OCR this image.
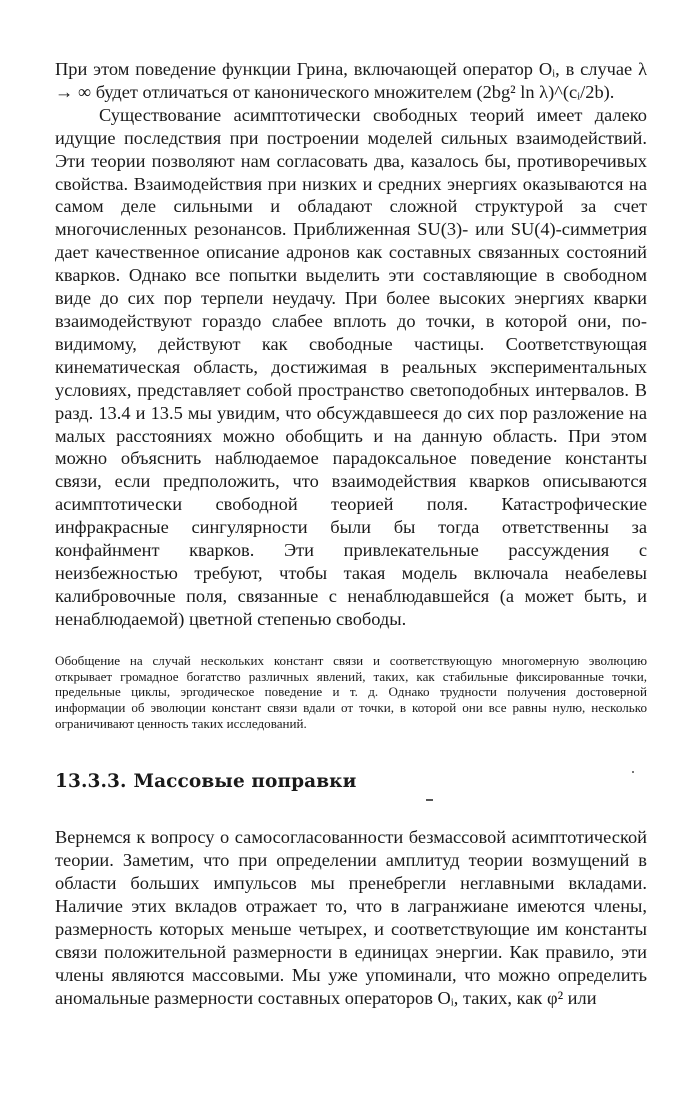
При этом поведение функции Грина, включающей оператор Oᵢ, в случае λ → ∞ будет отличаться от канонического множителем (2bg² ln λ)^(cᵢ/2b).

Существование асимптотически свободных теорий имеет далеко идущие последствия при построении моделей сильных взаимодействий. Эти теории позволяют нам согласовать два, казалось бы, противоречивых свойства. Взаимодействия при низких и средних энергиях оказываются на самом деле сильными и обладают сложной структурой за счет многочисленных резонансов. Приближенная SU(3)- или SU(4)-симметрия дает качественное описание адронов как составных связанных состояний кварков. Однако все попытки выделить эти составляющие в свободном виде до сих пор терпели неудачу. При более высоких энергиях кварки взаимодействуют гораздо слабее вплоть до точки, в которой они, по-видимому, действуют как свободные частицы. Соответствующая кинематическая область, достижимая в реальных экспериментальных условиях, представляет собой пространство светоподобных интервалов. В разд. 13.4 и 13.5 мы увидим, что обсуждавшееся до сих пор разложение на малых расстояниях можно обобщить и на данную область. При этом можно объяснить наблюдаемое парадоксальное поведение константы связи, если предположить, что взаимодействия кварков описываются асимптотически свободной теорией поля. Катастрофические инфракрасные сингулярности были бы тогда ответственны за конфайнмент кварков. Эти привлекательные рассуждения с неизбежностью требуют, чтобы такая модель включала неабелевы калибровочные поля, связанные с ненаблюдавшейся (а может быть, и ненаблюдаемой) цветной степенью свободы.

Обобщение на случай нескольких констант связи и соответствующую многомерную эволюцию открывает громадное богатство различных явлений, таких, как стабильные фиксированные точки, предельные циклы, эргодическое поведение и т. д. Однако трудности получения достоверной информации об эволюции констант связи вдали от точки, в которой они все равны нулю, несколько ограничивают ценность таких исследований.

13.3.3. Массовые поправки

Вернемся к вопросу о самосогласованности безмассовой асимптотической теории. Заметим, что при определении амплитуд теории возмущений в области больших импульсов мы пренебрегли неглавными вкладами. Наличие этих вкладов отражает то, что в лагранжиане имеются члены, размерность которых меньше четырех, и соответствующие им константы связи положительной размерности в единицах энергии. Как правило, эти члены являются массовыми. Мы уже упоминали, что можно определить аномальные размерности составных операторов Oᵢ, таких, как φ² или
